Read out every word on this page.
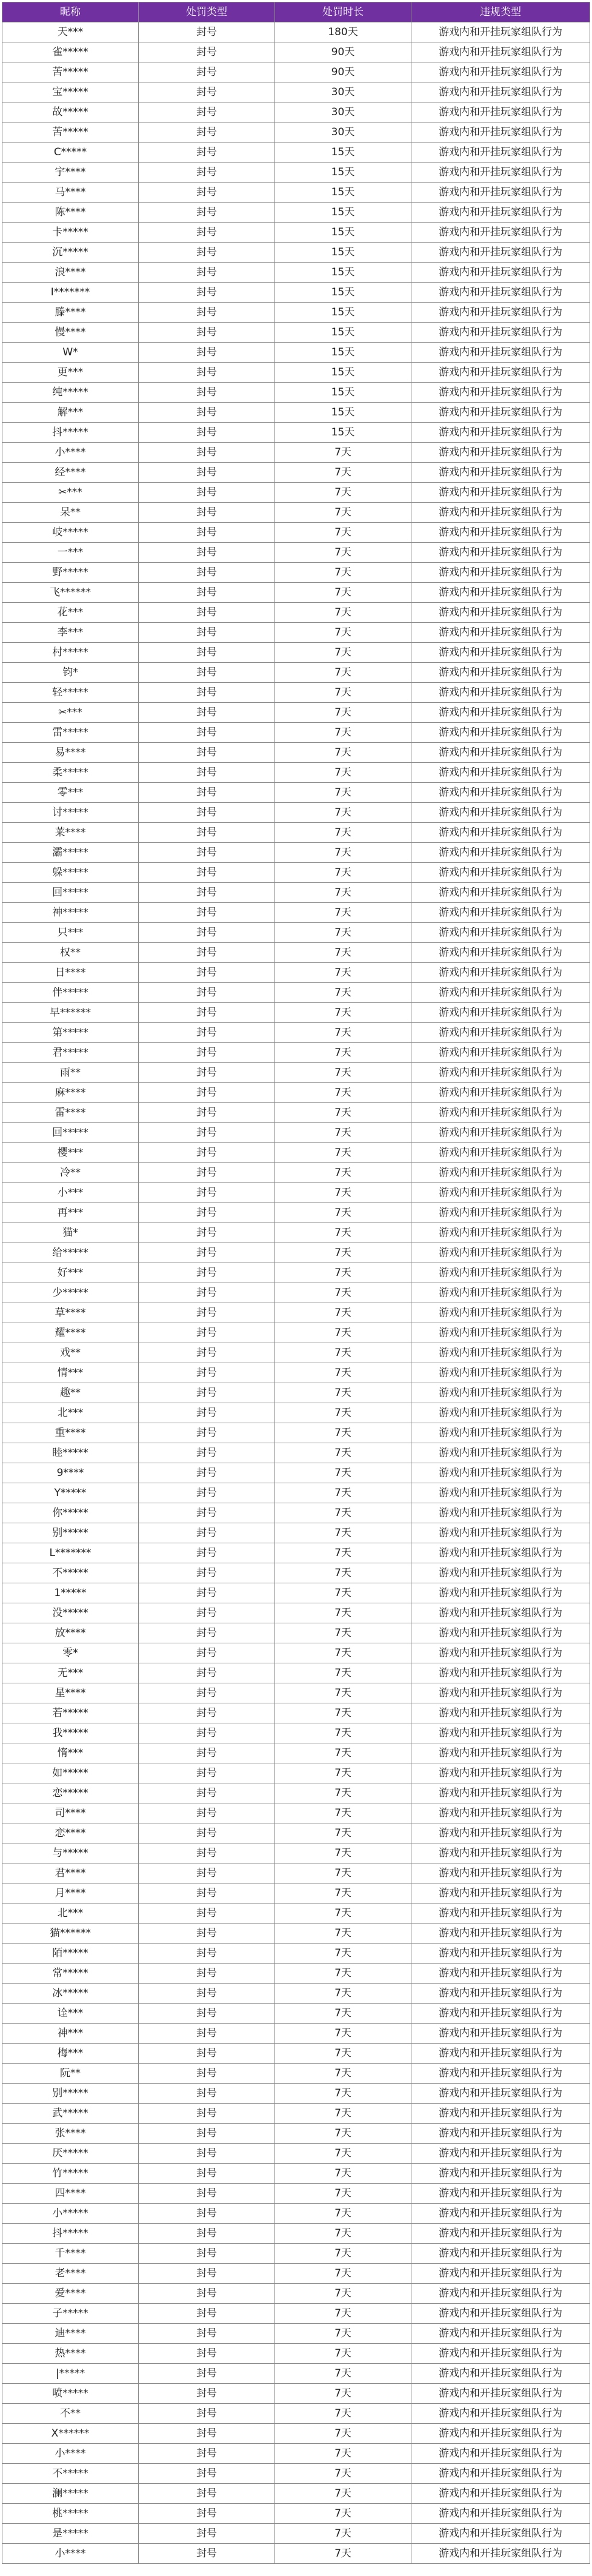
昵称	处罚类型	处罚时长	违规类型
天***	封号	180天	游戏内和开挂玩家组队行为
雀*****	封号	90天	游戏内和开挂玩家组队行为
苦*****	封号	90天	游戏内和开挂玩家组队行为
宝*****	封号	30天	游戏内和开挂玩家组队行为
故*****	封号	30天	游戏内和开挂玩家组队行为
苦*****	封号	30天	游戏内和开挂玩家组队行为
C*****	封号	15天	游戏内和开挂玩家组队行为
宇****	封号	15天	游戏内和开挂玩家组队行为
马****	封号	15天	游戏内和开挂玩家组队行为
陈****	封号	15天	游戏内和开挂玩家组队行为
卡*****	封号	15天	游戏内和开挂玩家组队行为
沉*****	封号	15天	游戏内和开挂玩家组队行为
浪****	封号	15天	游戏内和开挂玩家组队行为
I*******	封号	15天	游戏内和开挂玩家组队行为
滕****	封号	15天	游戏内和开挂玩家组队行为
慢****	封号	15天	游戏内和开挂玩家组队行为
W*	封号	15天	游戏内和开挂玩家组队行为
更***	封号	15天	游戏内和开挂玩家组队行为
纯*****	封号	15天	游戏内和开挂玩家组队行为
解***	封号	15天	游戏内和开挂玩家组队行为
抖*****	封号	15天	游戏内和开挂玩家组队行为
小****	封号	7天	游戏内和开挂玩家组队行为
经****	封号	7天	游戏内和开挂玩家组队行为
✂***	封号	7天	游戏内和开挂玩家组队行为
呆**	封号	7天	游戏内和开挂玩家组队行为
岐*****	封号	7天	游戏内和开挂玩家组队行为
一***	封号	7天	游戏内和开挂玩家组队行为
野*****	封号	7天	游戏内和开挂玩家组队行为
飞******	封号	7天	游戏内和开挂玩家组队行为
花***	封号	7天	游戏内和开挂玩家组队行为
李***	封号	7天	游戏内和开挂玩家组队行为
村*****	封号	7天	游戏内和开挂玩家组队行为
钧*	封号	7天	游戏内和开挂玩家组队行为
轻*****	封号	7天	游戏内和开挂玩家组队行为
✂***	封号	7天	游戏内和开挂玩家组队行为
雷*****	封号	7天	游戏内和开挂玩家组队行为
易****	封号	7天	游戏内和开挂玩家组队行为
柔*****	封号	7天	游戏内和开挂玩家组队行为
零***	封号	7天	游戏内和开挂玩家组队行为
讨*****	封号	7天	游戏内和开挂玩家组队行为
莱****	封号	7天	游戏内和开挂玩家组队行为
灞*****	封号	7天	游戏内和开挂玩家组队行为
躲*****	封号	7天	游戏内和开挂玩家组队行为
回*****	封号	7天	游戏内和开挂玩家组队行为
神*****	封号	7天	游戏内和开挂玩家组队行为
只***	封号	7天	游戏内和开挂玩家组队行为
权**	封号	7天	游戏内和开挂玩家组队行为
日****	封号	7天	游戏内和开挂玩家组队行为
伴*****	封号	7天	游戏内和开挂玩家组队行为
早******	封号	7天	游戏内和开挂玩家组队行为
第*****	封号	7天	游戏内和开挂玩家组队行为
君*****	封号	7天	游戏内和开挂玩家组队行为
雨**	封号	7天	游戏内和开挂玩家组队行为
麻****	封号	7天	游戏内和开挂玩家组队行为
雷****	封号	7天	游戏内和开挂玩家组队行为
回*****	封号	7天	游戏内和开挂玩家组队行为
樱***	封号	7天	游戏内和开挂玩家组队行为
冷**	封号	7天	游戏内和开挂玩家组队行为
小***	封号	7天	游戏内和开挂玩家组队行为
再***	封号	7天	游戏内和开挂玩家组队行为
猫*	封号	7天	游戏内和开挂玩家组队行为
给*****	封号	7天	游戏内和开挂玩家组队行为
好***	封号	7天	游戏内和开挂玩家组队行为
少*****	封号	7天	游戏内和开挂玩家组队行为
草****	封号	7天	游戏内和开挂玩家组队行为
耀****	封号	7天	游戏内和开挂玩家组队行为
戏**	封号	7天	游戏内和开挂玩家组队行为
情***	封号	7天	游戏内和开挂玩家组队行为
趣**	封号	7天	游戏内和开挂玩家组队行为
北***	封号	7天	游戏内和开挂玩家组队行为
重****	封号	7天	游戏内和开挂玩家组队行为
睦*****	封号	7天	游戏内和开挂玩家组队行为
9****	封号	7天	游戏内和开挂玩家组队行为
Y*****	封号	7天	游戏内和开挂玩家组队行为
你*****	封号	7天	游戏内和开挂玩家组队行为
别*****	封号	7天	游戏内和开挂玩家组队行为
L*******	封号	7天	游戏内和开挂玩家组队行为
不*****	封号	7天	游戏内和开挂玩家组队行为
1*****	封号	7天	游戏内和开挂玩家组队行为
没*****	封号	7天	游戏内和开挂玩家组队行为
放****	封号	7天	游戏内和开挂玩家组队行为
零*	封号	7天	游戏内和开挂玩家组队行为
无***	封号	7天	游戏内和开挂玩家组队行为
星****	封号	7天	游戏内和开挂玩家组队行为
若*****	封号	7天	游戏内和开挂玩家组队行为
我*****	封号	7天	游戏内和开挂玩家组队行为
惰***	封号	7天	游戏内和开挂玩家组队行为
如*****	封号	7天	游戏内和开挂玩家组队行为
恋*****	封号	7天	游戏内和开挂玩家组队行为
司****	封号	7天	游戏内和开挂玩家组队行为
恋****	封号	7天	游戏内和开挂玩家组队行为
与*****	封号	7天	游戏内和开挂玩家组队行为
君****	封号	7天	游戏内和开挂玩家组队行为
月****	封号	7天	游戏内和开挂玩家组队行为
北***	封号	7天	游戏内和开挂玩家组队行为
猫******	封号	7天	游戏内和开挂玩家组队行为
陌*****	封号	7天	游戏内和开挂玩家组队行为
常*****	封号	7天	游戏内和开挂玩家组队行为
冰*****	封号	7天	游戏内和开挂玩家组队行为
诠***	封号	7天	游戏内和开挂玩家组队行为
神***	封号	7天	游戏内和开挂玩家组队行为
梅***	封号	7天	游戏内和开挂玩家组队行为
阮**	封号	7天	游戏内和开挂玩家组队行为
别*****	封号	7天	游戏内和开挂玩家组队行为
武*****	封号	7天	游戏内和开挂玩家组队行为
张****	封号	7天	游戏内和开挂玩家组队行为
厌*****	封号	7天	游戏内和开挂玩家组队行为
竹*****	封号	7天	游戏内和开挂玩家组队行为
四****	封号	7天	游戏内和开挂玩家组队行为
小*****	封号	7天	游戏内和开挂玩家组队行为
抖*****	封号	7天	游戏内和开挂玩家组队行为
千****	封号	7天	游戏内和开挂玩家组队行为
老****	封号	7天	游戏内和开挂玩家组队行为
爱****	封号	7天	游戏内和开挂玩家组队行为
子*****	封号	7天	游戏内和开挂玩家组队行为
迪****	封号	7天	游戏内和开挂玩家组队行为
热****	封号	7天	游戏内和开挂玩家组队行为
|*****	封号	7天	游戏内和开挂玩家组队行为
喷*****	封号	7天	游戏内和开挂玩家组队行为
不**	封号	7天	游戏内和开挂玩家组队行为
X******	封号	7天	游戏内和开挂玩家组队行为
小****	封号	7天	游戏内和开挂玩家组队行为
不*****	封号	7天	游戏内和开挂玩家组队行为
澜*****	封号	7天	游戏内和开挂玩家组队行为
桃*****	封号	7天	游戏内和开挂玩家组队行为
是*****	封号	7天	游戏内和开挂玩家组队行为
小****	封号	7天	游戏内和开挂玩家组队行为
